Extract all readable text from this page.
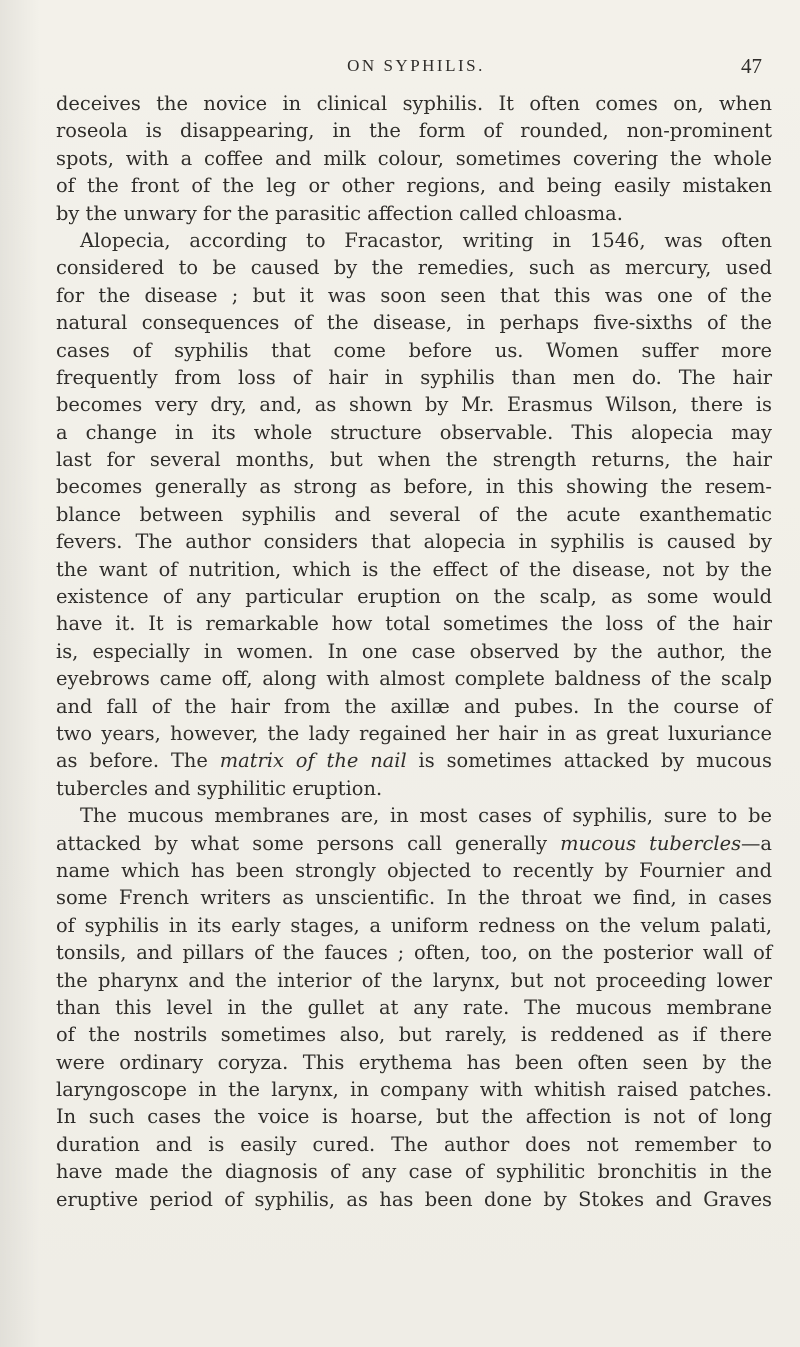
ON SYPHILIS.	47
deceives the novice in clinical syphilis. It often comes on, when
roseola is disappearing, in the form of rounded, non-prominent
spots, with a coffee and milk colour, sometimes covering the whole
of the front of the leg or other regions, and being easily mistaken
by the unwary for the parasitic affection called chloasma.
Alopecia, according to Fracastor, writing in 1546, was often
considered to be caused by the remedies, such as mercury, used
for the disease ; but it was soon seen that this was one of the
natural consequences of the disease, in perhaps five-sixths of the
cases of syphilis that come before us. Women suffer more
frequently from loss of hair in syphilis than men do. The hair
becomes very dry, and, as shown by Mr. Erasmus Wilson, there is
a change in its whole structure observable. This alopecia may
last for several months, but when the strength returns, the hair
becomes generally as strong as before, in this showing the resem-
blance between syphilis and several of the acute exanthematic
fevers. The author considers that alopecia in syphilis is caused by
the want of nutrition, which is the effect of the disease, not by the
existence of any particular eruption on the scalp, as some would
have it. It is remarkable how total sometimes the loss of the hair
is, especially in women. In one case observed by the author, the
eyebrows came off, along with almost complete baldness of the scalp
and fall of the hair from the axillæ and pubes. In the course of
two years, however, the lady regained her hair in as great luxuriance
as before. The matrix of the nail is sometimes attacked by mucous
tubercles and syphilitic eruption.
The mucous membranes are, in most cases of syphilis, sure to be
attacked by what some persons call generally mucous tubercles—a
name which has been strongly objected to recently by Fournier and
some French writers as unscientific. In the throat we find, in cases
of syphilis in its early stages, a uniform redness on the velum palati,
tonsils, and pillars of the fauces ; often, too, on the posterior wall of
the pharynx and the interior of the larynx, but not proceeding lower
than this level in the gullet at any rate. The mucous membrane
of the nostrils sometimes also, but rarely, is reddened as if there
were ordinary coryza. This erythema has been often seen by the
laryngoscope in the larynx, in company with whitish raised patches.
In such cases the voice is hoarse, but the affection is not of long
duration and is easily cured. The author does not remember to
have made the diagnosis of any case of syphilitic bronchitis in the
eruptive period of syphilis, as has been done by Stokes and Graves
